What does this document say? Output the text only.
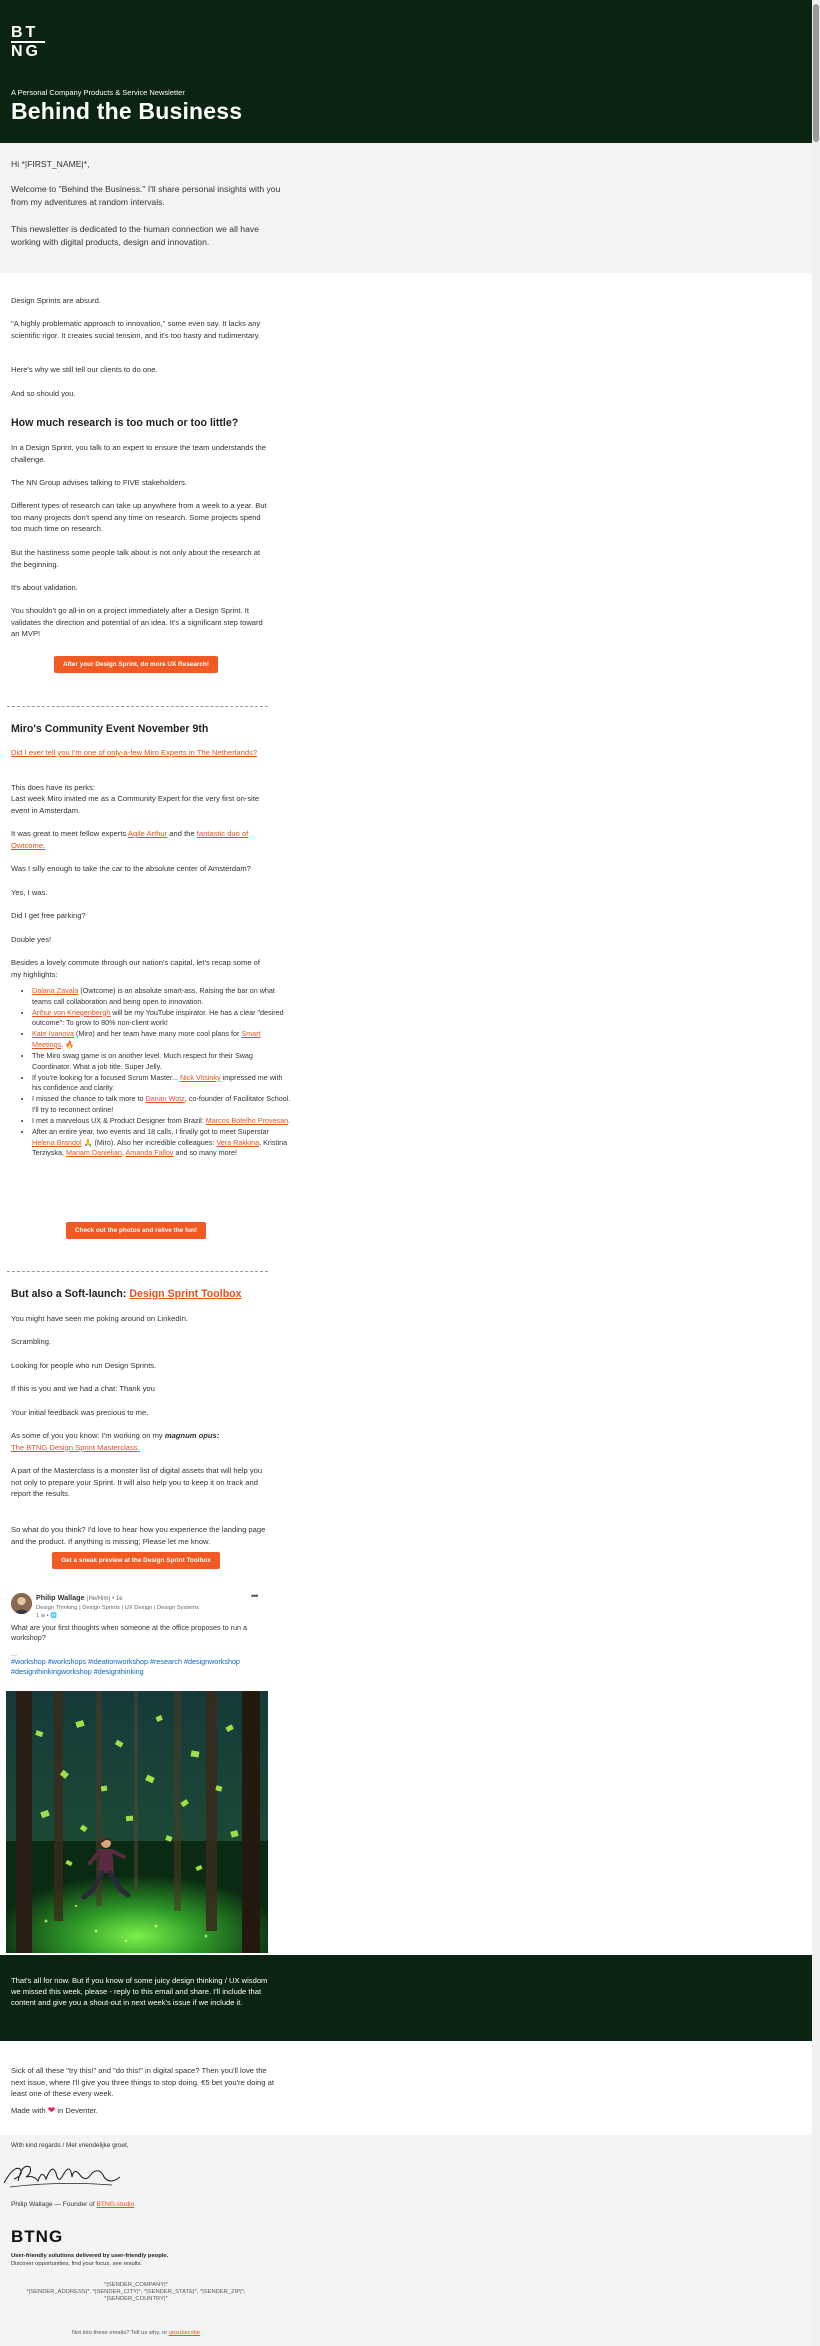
BT
NG
A Personal Company Products & Service Newsletter
Behind the Business

Hi *|FIRST_NAME|*,

Welcome to "Behind the Business." I'll share personal insights with you from my adventures at random intervals.

This newsletter is dedicated to the human connection we all have working with digital products, design and innovation.

Design Sprints are absurd.

"A highly problematic approach to innovation," some even say. It lacks any scientific rigor. It creates social tension, and it's too hasty and rudimentary.

Here's why we still tell our clients to do one.

And so should you.

How much research is too much or too little?

In a Design Sprint, you talk to an expert to ensure the team understands the challenge.

The NN Group advises talking to FIVE stakeholders.

Different types of research can take up anywhere from a week to a year. But too many projects don't spend any time on research. Some projects spend too much time on research.

But the hastiness some people talk about is not only about the research at the beginning.

It's about validation.

You shouldn't go all-in on a project immediately after a Design Sprint. It validates the direction and potential of an idea. It's a significant step toward an MVP!

After your Design Sprint, do more UX Research!
Miro's Community Event November 9th

Did I ever tell you I'm one of only-a-few Miro Experts in The Netherlands?

This does have its perks:

Last week Miro invited me as a Community Expert for the very first on-site event in Amsterdam.

It was great to meet fellow experts Agile Arthur and the fantastic duo of Owtcome.

Was I silly enough to take the car to the absolute center of Amsterdam?

Yes, I was.

Did I get free parking?

Double yes!

Besides a lovely commute through our nation's capital, let's recap some of my highlights:

• Dalana Zavala (Owtcome) is an absolute smart-ass. Raising the bar on what teams call collaboration and being open to innovation.
• Arthur von Kriegenbergh will be my YouTube inspirator. He has a clear "desired outcome": To grow to 80% non-client work!
• Kate Ivanova (Miro) and her team have many more cool plans for Smart Meetings. 🔥
• The Miro swag game is on another level. Much respect for their Swag Coordinator. What a job title. Super Jelly.
• If you're looking for a focused Scrum Master... Nick Vitsinky impressed me with his confidence and clarity.
• I missed the chance to talk more to Darian Wotz, co-founder of Facilitator School. I'll try to reconnect online!
• I met a marvelous UX & Product Designer from Brazil: Marcos Botelho Provesan.
• After an entire year, two events and 18 calls, I finally got to meet Superstar Helena Brandol 🙏 (Miro). Also her incredible colleagues: Vera Rakkina, Kristina Terziyska, Mariam Danielian, Amanda Fallov and so many more!
Check out the photos and relive the fun!
But also a Soft-launch: Design Sprint Toolbox

You might have seen me poking around on LinkedIn.

Scrambling.

Looking for people who run Design Sprints.

If this is you and we had a chat: Thank you

Your initial feedback was precious to me.

As some of you you know: I'm working on my magnum opus:
The BTNG Design Sprint Masterclass.

A part of the Masterclass is a monster list of digital assets that will help you not only to prepare your Sprint. It will also help you to keep it on track and report the results.

So what do you think? I'd love to hear how you experience the landing page and the product. If anything is missing; Please let me know.

Get a sneak preview at the Design Sprint Toolbox

Philip Wallage (He/Him) • 1e

Design Thinking | Design Sprints | UX Design | Design Systems

1 w • 🌐

•••

What are your first thoughts when someone at the office proposes to run a workshop?

...

#workshop #workshops #ideationworkshop #research #designworkshop #designthinkingworkshop #designthinking

That's all for now. But if you know of some juicy design thinking / UX wisdom we missed this week, please - reply to this email and share. I'll include that content and give you a shout-out in next week's issue if we include it.

Sick of all these "try this!" and "do this!" in digital space? Then you'll love the next issue, where I'll give you three things to stop doing. €5 bet you're doing at least one of these every week.

Made with ❤ in Deventer.

With kind regards / Met vriendelijke groet,

Philip Wallage — Founder of BTNG.studio

BTNG

User-friendly solutions delivered by user-friendly people.

Discover opportunities, find your focus, see results.

*|SENDER_COMPANY|*

*|SENDER_ADDRESS|*, *|SENDER_CITY|*, *|SENDER_STATE|*, *|SENDER_ZIP|*,

*|SENDER_COUNTRY|*

Not into these emails? Tell us why, or unsubscribe
